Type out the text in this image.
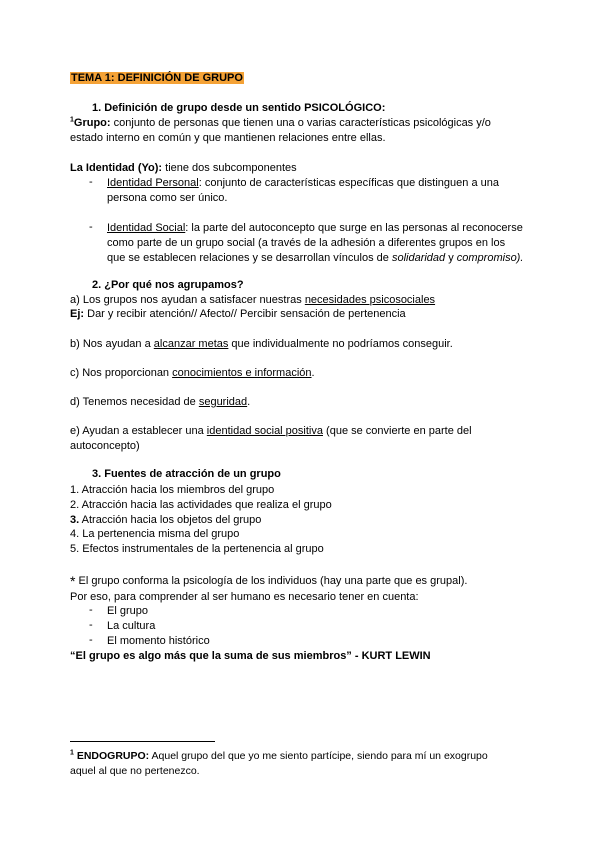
TEMA 1: DEFINICIÓN DE GRUPO
1. Definición de grupo desde un sentido PSICOLÓGICO:
$^1$Grupo: conjunto de personas que tienen una o varias características psicológicas y/o
estado interno en común y que mantienen relaciones entre ellas.
La Identidad (Yo): tiene dos subcomponentes
- Identidad Personal: conjunto de características específicas que distinguen a una
persona como ser único.
- Identidad Social: la parte del autoconcepto que surge en las personas al reconocerse
como parte de un grupo social (a través de la adhesión a diferentes grupos en los
que se establecen relaciones y se desarrollan vínculos de solidaridad y compromiso).
2. ¿Por qué nos agrupamos?
a) Los grupos nos ayudan a satisfacer nuestras necesidades psicosociales
Ej: Dar y recibir atención// Afecto// Percibir sensación de pertenencia
b) Nos ayudan a alcanzar metas que individualmente no podríamos conseguir.
c) Nos proporcionan conocimientos e información.
d) Tenemos necesidad de seguridad.
e) Ayudan a establecer una identidad social positiva (que se convierte en parte del
autoconcepto)
3. Fuentes de atracción de un grupo
1. Atracción hacia los miembros del grupo
2. Atracción hacia las actividades que realiza el grupo
3. Atracción hacia los objetos del grupo
4. La pertenencia misma del grupo
5. Efectos instrumentales de la pertenencia al grupo
* El grupo conforma la psicología de los individuos (hay una parte que es grupal).
Por eso, para comprender al ser humano es necesario tener en cuenta:
- El grupo
- La cultura
- El momento histórico
“El grupo es algo más que la suma de sus miembros” - KURT LEWIN
$^1$ ENDOGRUPO: Aquel grupo del que yo me siento partícipe, siendo para mí un exogrupo
aquel al que no pertenezco.
